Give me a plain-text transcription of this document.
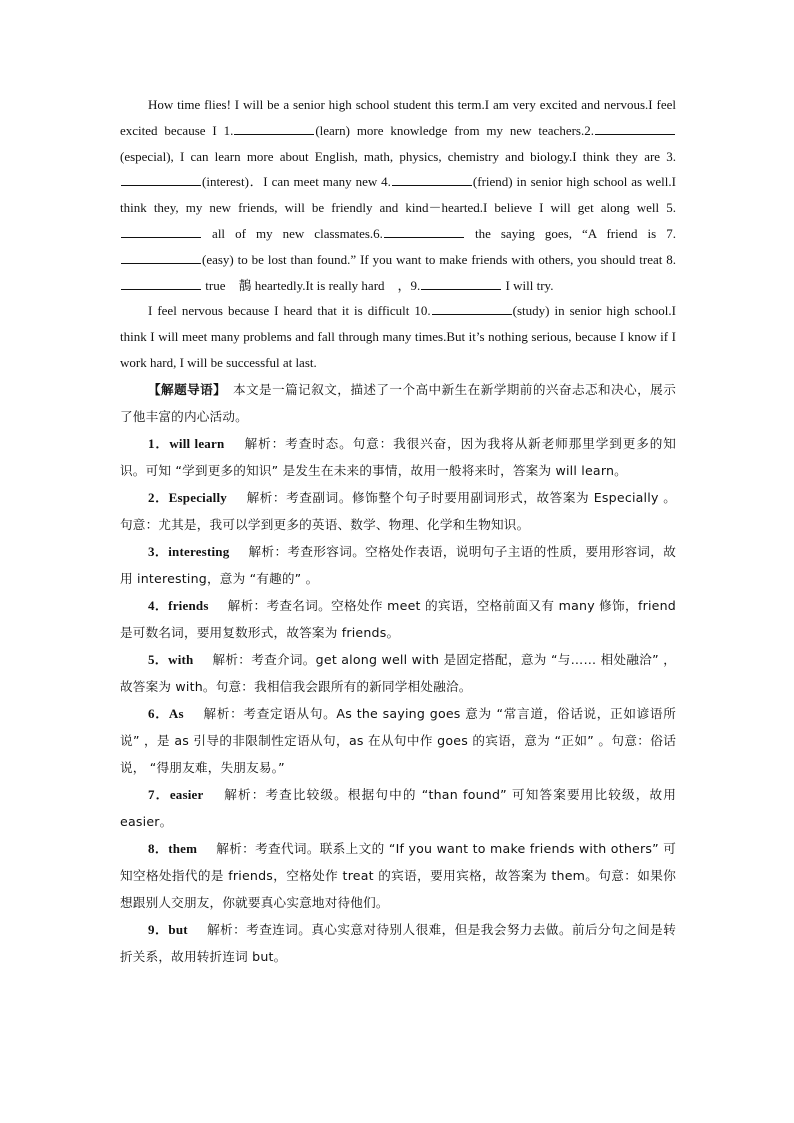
How time flies! I will be a senior high school student this term.I am very excited and nervous.I feel excited because I 1.	(learn) more knowledge from my new teachers.2.(especial), I can learn more about English, math, physics, chemistry and biology.I think they are 3.(interest)．I can meet many new 4.	(friend) in senior high school as well.I think they, my new friends, will be friendly and kind－hearted.I believe I will get along well 5. all of my new classmates.6.	the saying goes, “A friend is 7.(easy) to be lost than found.” If you want to make friends with others, you should treat 8. true　鶄 heartedly.It is really hard　，9.	I will try.

I feel nervous because I heard that it is difficult 10.	(study) in senior high school.I think I will meet many problems and fall through many times.But it’s nothing serious, because I know if I work hard, I will be successful at last.

【解题导语】　 本文是一篇记叙文，描述了一个高中新生在新学期前的兴奋忐忑和决心，展示了他丰富的内心活动。

1．will learn　 解析：考查时态。句意：我很兴奋，因为我将从新老师那里学到更多的知识。可知 “学到更多的知识” 是发生在未来的事情，故用一般将来时，答案为 will learn。

2．Especially　 解析：考查副词。修饰整个句子时要用副词形式，故答案为 Especially 。句意：尤其是，我可以学到更多的英语、数学、物理、化学和生物知识。

3．interesting　 解析：考查形容词。空格处作表语，说明句子主语的性质，要用形容词，故用 interesting，意为 “有趣的” 。

4．friends　 解析：考查名词。空格处作 meet 的宾语，空格前面又有 many 修饰，friend 是可数名词，要用复数形式，故答案为 friends。

5．with　 解析：考查介词。get along well with 是固定搭配，意为 “与…… 相处融洽” ，故答案为 with。句意：我相信我会跟所有的新同学相处融洽。

6．As　 解析：考查定语从句。As the saying goes 意为 “常言道，俗话说，正如谚语所说” ，是 as 引导的非限制性定语从句，as 在从句中作 goes 的宾语，意为 “正如” 。句意：俗话说， “得朋友难，失朋友易。”

7．easier　 解析：考查比较级。根据句中的 “than found” 可知答案要用比较级，故用 easier。

8．them　 解析：考查代词。联系上文的 “If you want to make friends with others” 可知空格处指代的是 friends，空格处作 treat 的宾语，要用宾格，故答案为 them。句意：如果你想跟别人交朋友，你就要真心实意地对待他们。

9．but　 解析：考查连词。真心实意对待别人很难，但是我会努力去做。前后分句之间是转折关系，故用转折连词 but。
